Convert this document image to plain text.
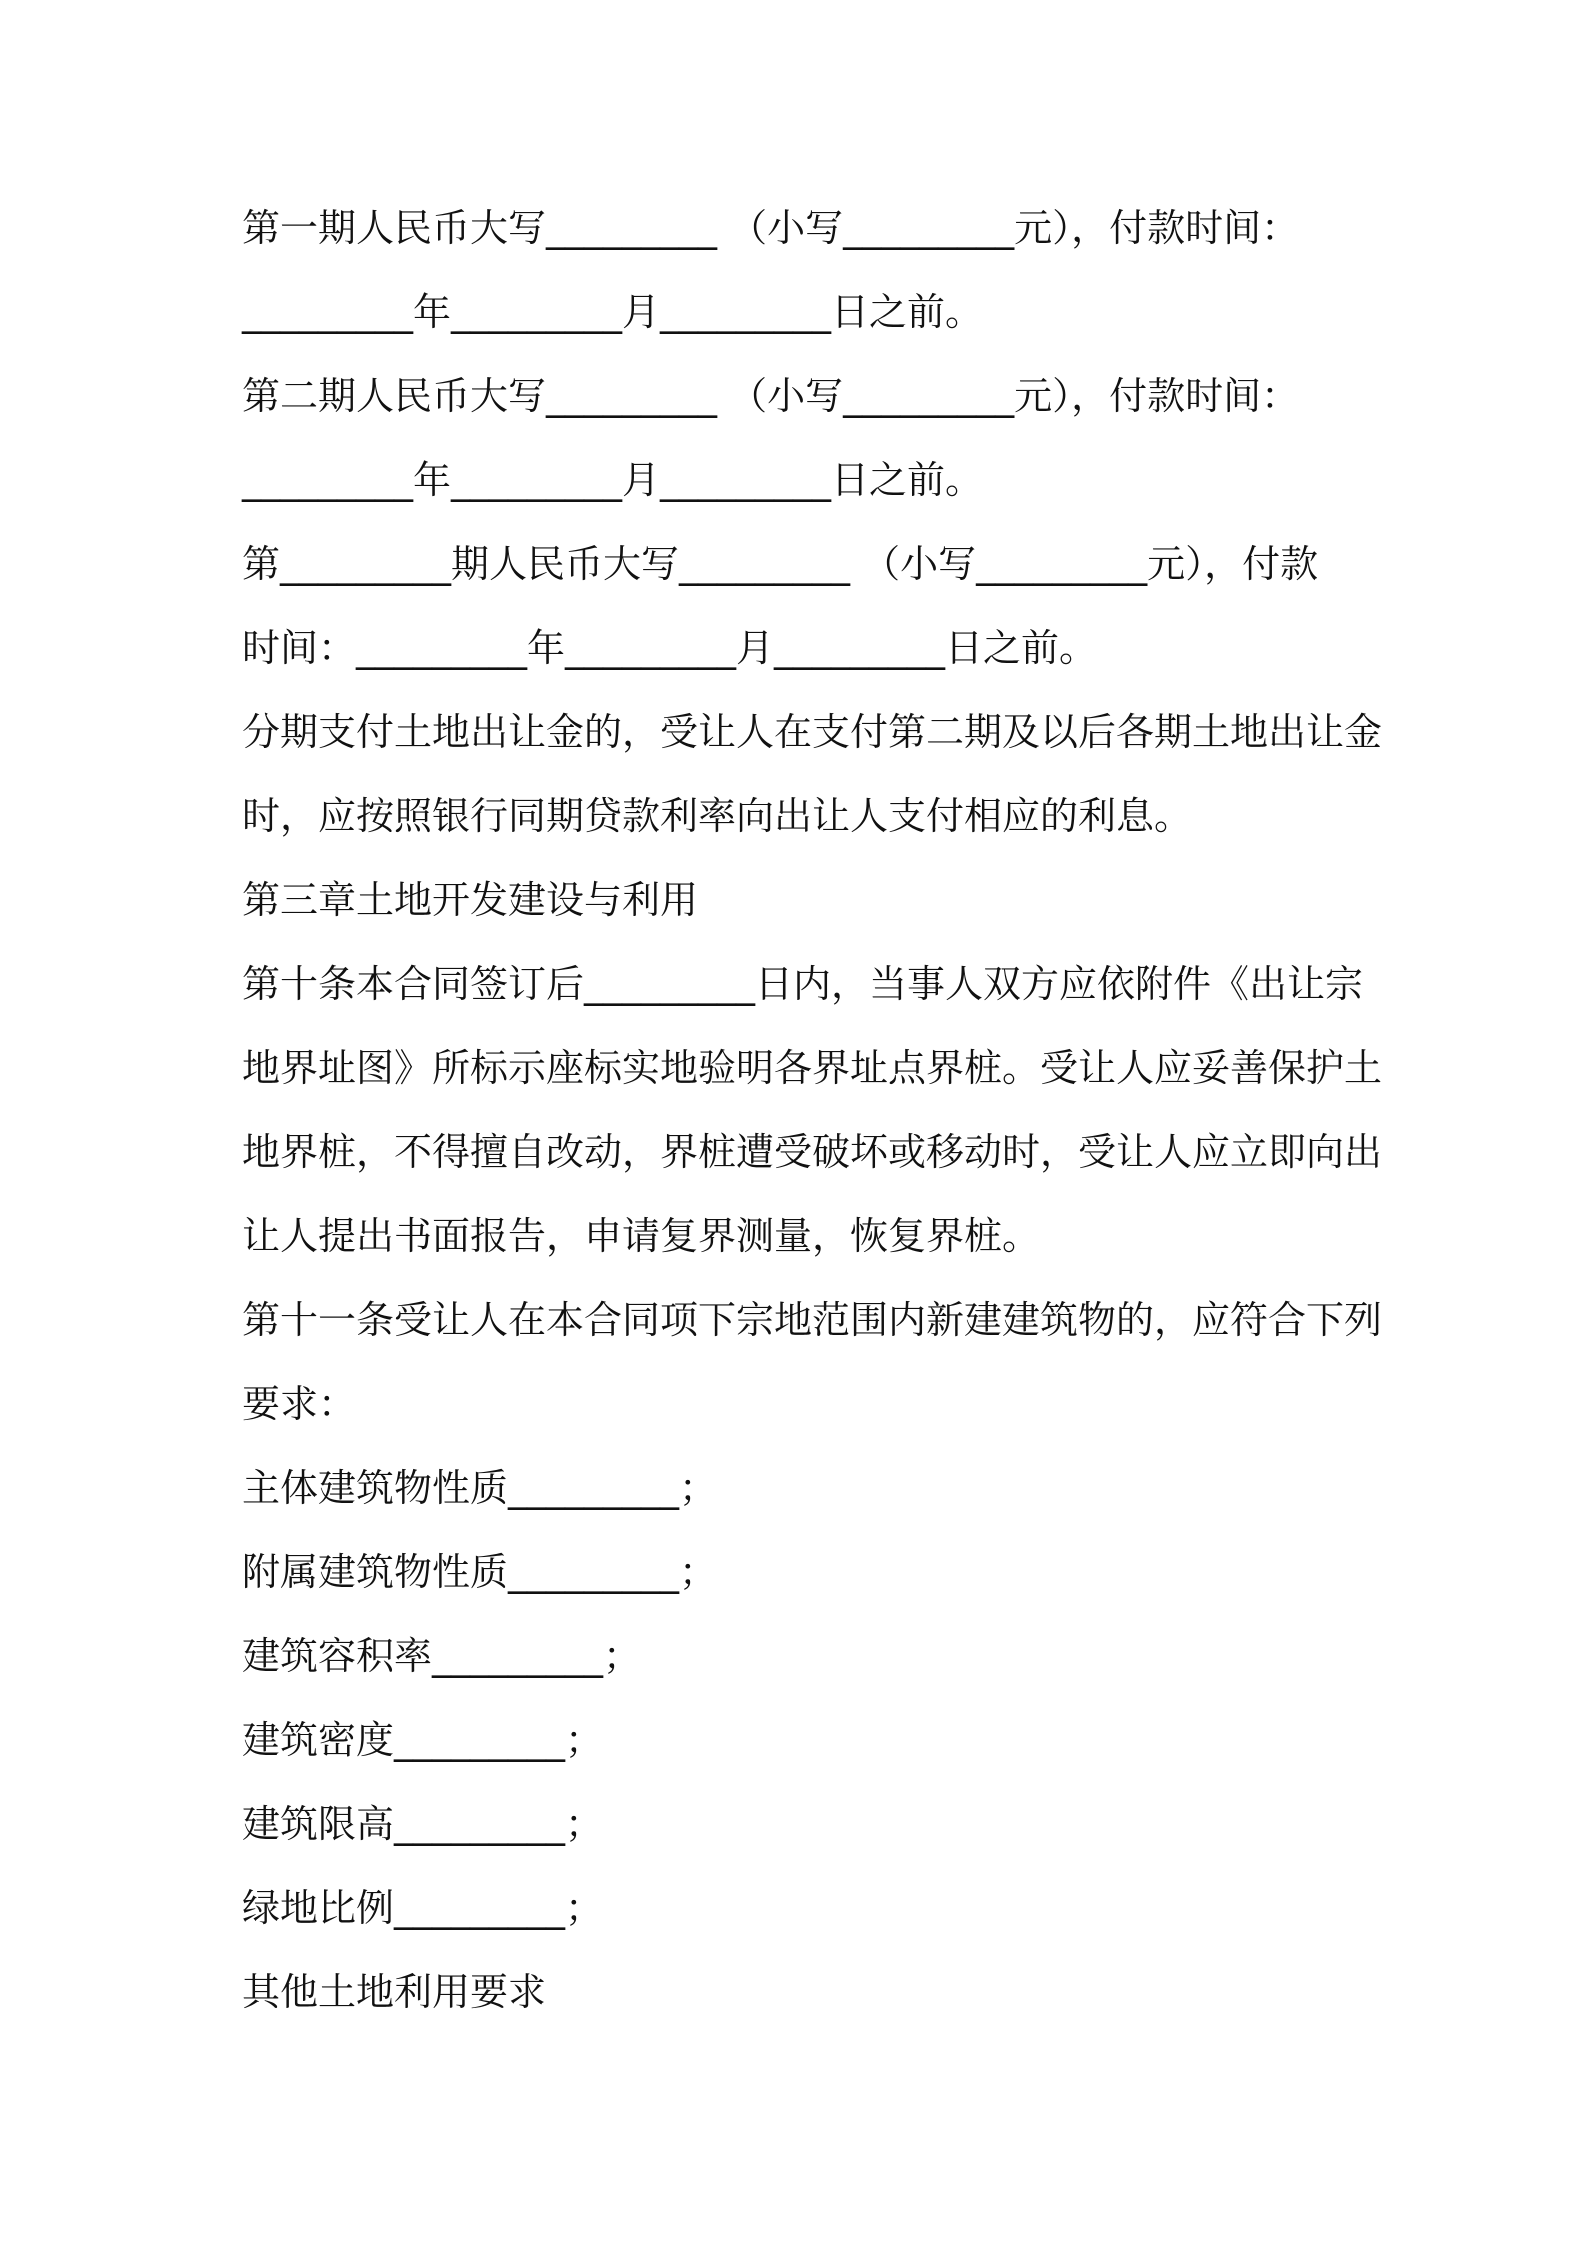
第一期人民币大写_________ （小写_________元），付款时间：
_________年_________月_________日之前。
第二期人民币大写_________ （小写_________元），付款时间：
_________年_________月_________日之前。
第_________期人民币大写_________ （小写_________元），付款
时间：_________年_________月_________日之前。
分期支付土地出让金的，受让人在支付第二期及以后各期土地出让金
时，应按照银行同期贷款利率向出让人支付相应的利息。
第三章土地开发建设与利用
第十条本合同签订后_________日内，当事人双方应依附件《出让宗
地界址图》所标示座标实地验明各界址点界桩。受让人应妥善保护土
地界桩，不得擅自改动，界桩遭受破坏或移动时，受让人应立即向出
让人提出书面报告，申请复界测量，恢复界桩。
第十一条受让人在本合同项下宗地范围内新建建筑物的，应符合下列
要求：
主体建筑物性质_________；
附属建筑物性质_________；
建筑容积率_________；
建筑密度_________；
建筑限高_________；
绿地比例_________；
其他土地利用要求
